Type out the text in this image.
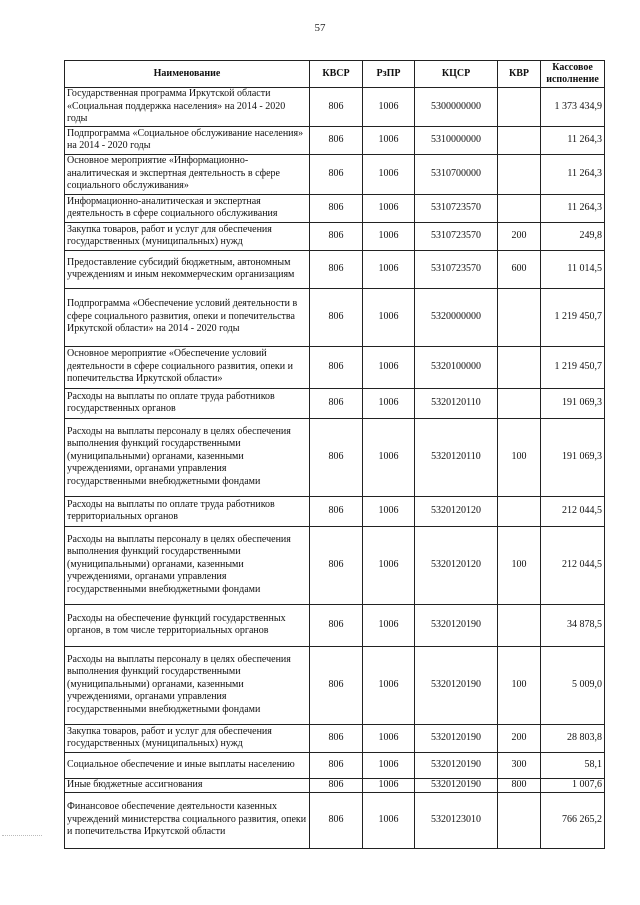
57
Наименование	КВСР	РзПР	КЦСР	КВР	Кассовое исполнение
Государственная программа Иркутской области «Социальная поддержка населения» на 2014 - 2020 годы	806	1006	5300000000		1 373 434,9
Подпрограмма «Социальное обслуживание населения» на 2014 - 2020 годы	806	1006	5310000000		11 264,3
Основное мероприятие «Информационно-аналитическая и экспертная деятельность в сфере социального обслуживания»	806	1006	5310700000		11 264,3
Информационно-аналитическая и экспертная деятельность в сфере социального обслуживания	806	1006	5310723570		11 264,3
Закупка товаров, работ и услуг для обеспечения государственных (муниципальных) нужд	806	1006	5310723570	200	249,8
Предоставление субсидий бюджетным, автономным учреждениям и иным некоммерческим организациям	806	1006	5310723570	600	11 014,5
Подпрограмма «Обеспечение условий деятельности в сфере социального развития, опеки и попечительства Иркутской области» на 2014 - 2020 годы	806	1006	5320000000		1 219 450,7
Основное мероприятие «Обеспечение условий деятельности в сфере социального развития, опеки и попечительства Иркутской области»	806	1006	5320100000		1 219 450,7
Расходы на выплаты по оплате труда работников государственных органов	806	1006	5320120110		191 069,3
Расходы на выплаты персоналу в целях обеспечения выполнения функций государственными (муниципальными) органами, казенными учреждениями, органами управления государственными внебюджетными фондами	806	1006	5320120110	100	191 069,3
Расходы на выплаты по оплате труда работников территориальных органов	806	1006	5320120120		212 044,5
Расходы на выплаты персоналу в целях обеспечения выполнения функций государственными (муниципальными) органами, казенными учреждениями, органами управления государственными внебюджетными фондами	806	1006	5320120120	100	212 044,5
Расходы на обеспечение функций государственных органов, в том числе территориальных органов	806	1006	5320120190		34 878,5
Расходы на выплаты персоналу в целях обеспечения выполнения функций государственными (муниципальными) органами, казенными учреждениями, органами управления государственными внебюджетными фондами	806	1006	5320120190	100	5 009,0
Закупка товаров, работ и услуг для обеспечения государственных (муниципальных) нужд	806	1006	5320120190	200	28 803,8
Социальное обеспечение и иные выплаты населению	806	1006	5320120190	300	58,1
Иные бюджетные ассигнования	806	1006	5320120190	800	1 007,6
Финансовое обеспечение деятельности казенных учреждений министерства социального развития, опеки и попечительства Иркутской области	806	1006	5320123010		766 265,2
